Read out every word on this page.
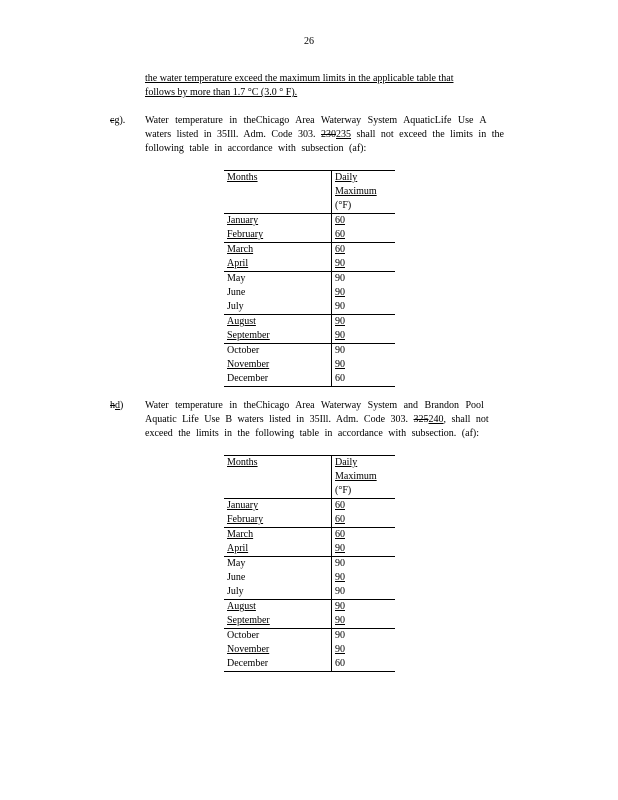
26
the water temperature exceed the maximum limits in the applicable table that
follows by more than 1.7 °C (3.0 ° F).
cg). Water temperature in theChicago Area Waterway System AquaticLife Use A
waters listed in 35Ill. Adm. Code 303. 230235 shall not exceed the limits in the
following table in accordance with subsection (af):
Months	Daily
Maximum
(°F)

January	60
February	60
March	60
April	90
May	90
June	90
July	90
August	90
September	90
October	90
November	90
December	60
hd) Water temperature in theChicago Area Waterway System and Brandon Pool
Aquatic Life Use B waters listed in 35Ill. Adm. Code 303. 325240, shall not
exceed the limits in the following table in accordance with subsection. (af):
Months	Daily
Maximum
(°F)

January	60
February	60
March	60
April	90
May	90
June	90
July	90
August	90
September	90
October	90
November	90
December	60
